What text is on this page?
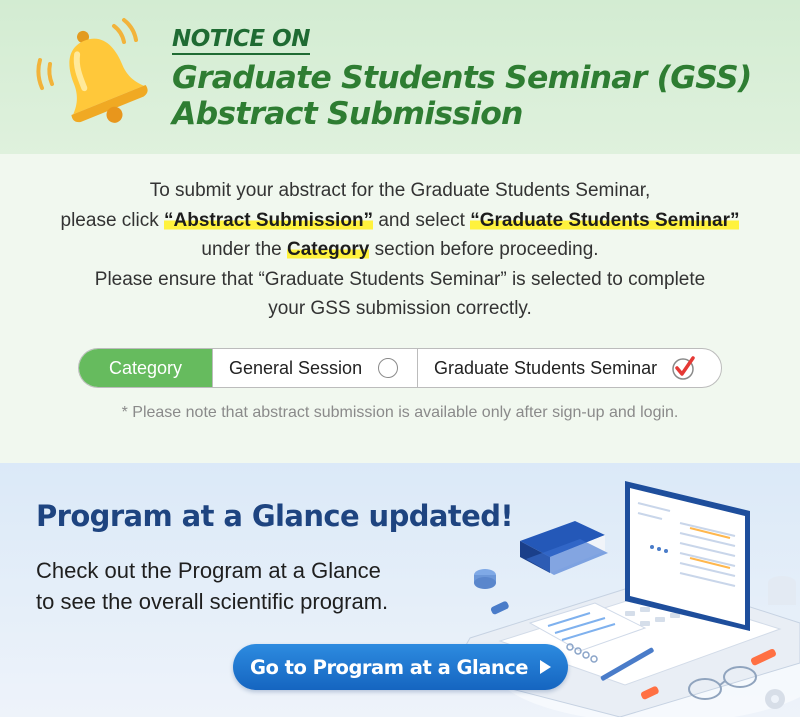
NOTICE ON
Graduate Students Seminar (GSS)
Abstract Submission
To submit your abstract for the Graduate Students Seminar,
please click “Abstract Submission” and select “Graduate Students Seminar”
under the Category section before proceeding.
Please ensure that “Graduate Students Seminar” is selected to complete
your GSS submission correctly.
Category	General Session	Graduate Students Seminar
* Please note that abstract submission is available only after sign-up and login.
Program at a Glance updated!
Check out the Program at a Glance
to see the overall scientific program.
Go to Program at a Glance
